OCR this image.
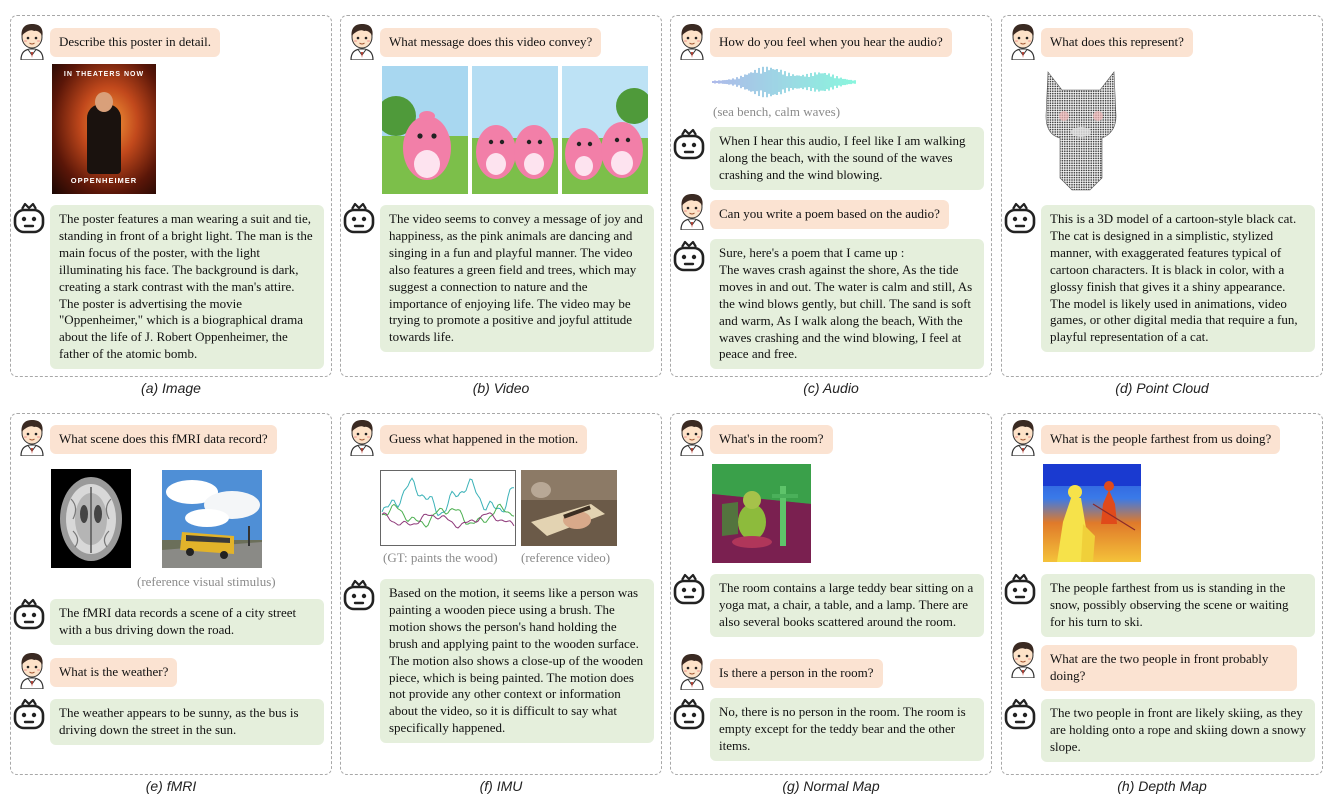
Describe this poster in detail.
IN THEATERS NOW
OPPENHEIMER
The poster features a man wearing a suit and tie, standing in front of a bright light. The man is the main focus of the poster, with the light illuminating his face. The background is dark, creating a stark contrast with the man's attire. The poster is advertising the movie "Oppenheimer," which is a biographical drama about the life of J. Robert Oppenheimer, the father of the atomic bomb.
(a) Image
What message does this video convey?
The video seems to convey a message of joy and happiness, as the pink animals are dancing and singing in a fun and playful manner. The video also features a green field and trees, which may suggest a connection to nature and the importance of enjoying life. The video may be trying to promote a positive and joyful attitude towards life.
(b) Video
How do you feel when you hear the audio?
(sea bench, calm waves)
When I hear this audio, I feel like I am walking along the beach, with the sound of the waves crashing and the wind blowing.
Can you write a poem based on the audio?
Sure, here's a poem that I came up :
The waves crash against the shore, As the tide moves in and out. The water is calm and still, As the wind blows gently, but chill. The sand is soft and warm, As I walk along the beach, With the waves crashing and the wind blowing, I feel at peace and free.
(c) Audio
What does this represent?
This is a 3D model of a cartoon-style black cat. The cat is designed in a simplistic, stylized manner, with exaggerated features typical of cartoon characters. It is black in color, with a glossy finish that gives it a shiny appearance. The model is likely used in animations, video games, or other digital media that require a fun, playful representation of a cat.
(d) Point Cloud
What scene does this fMRI data record?
(reference visual stimulus)
The fMRI data records a scene of a city street with a bus driving down the road.
What is the weather?
The weather appears to be sunny, as the bus is driving down the street in the sun.
(e) fMRI
Guess what happened in the motion.
(GT: paints the wood) (reference video)
Based on the motion, it seems like a person was painting a wooden piece using a brush. The motion shows the person's hand holding the brush and applying paint to the wooden surface. The motion also shows a close-up of the wooden piece, which is being painted. The motion does not provide any other context or information about the video, so it is difficult to say what specifically happened.
(f) IMU
What's in the room?
The room contains a large teddy bear sitting on a yoga mat, a chair, a table, and a lamp. There are also several books scattered around the room.
Is there a person in the room?
No, there is no person in the room. The room is empty except for the teddy bear and the other items.
(g) Normal Map
What is the people farthest from us doing?
The people farthest from us is standing in the snow, possibly observing the scene or waiting for his turn to ski.
What are the two people in front probably doing?
The two people in front are likely skiing, as they are holding onto a rope and skiing down a snowy slope.
(h) Depth Map
